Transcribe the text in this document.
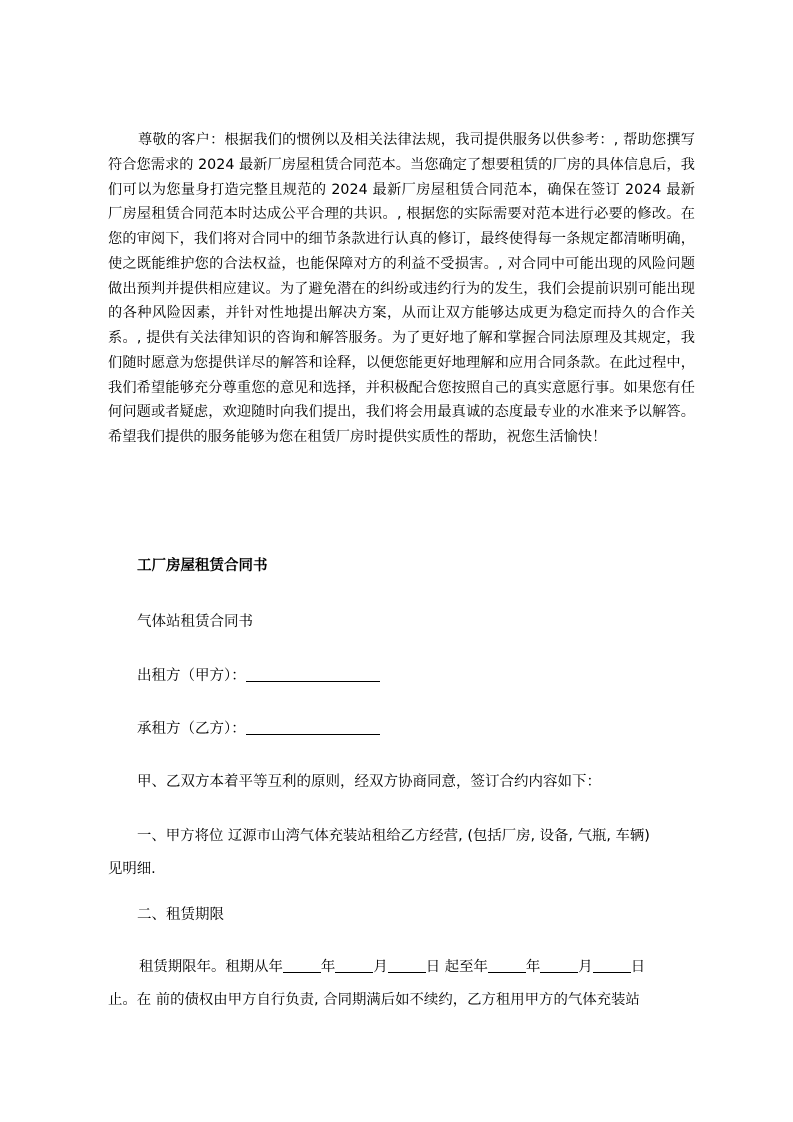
尊敬的客户：根据我们的惯例以及相关法律法规，我司提供服务以供参考：, 帮助您撰写符合您需求的 2024 最新厂房屋租赁合同范本。当您确定了想要租赁的厂房的具体信息后，我们可以为您量身打造完整且规范的 2024 最新厂房屋租赁合同范本，确保在签订 2024 最新厂房屋租赁合同范本时达成公平合理的共识。, 根据您的实际需要对范本进行必要的修改。在您的审阅下，我们将对合同中的细节条款进行认真的修订，最终使得每一条规定都清晰明确，使之既能维护您的合法权益，也能保障对方的利益不受损害。, 对合同中可能出现的风险问题做出预判并提供相应建议。为了避免潜在的纠纷或违约行为的发生，我们会提前识别可能出现的各种风险因素，并针对性地提出解决方案，从而让双方能够达成更为稳定而持久的合作关系。, 提供有关法律知识的咨询和解答服务。为了更好地了解和掌握合同法原理及其规定，我们随时愿意为您提供详尽的解答和诠释，以便您能更好地理解和应用合同条款。在此过程中，我们希望能够充分尊重您的意见和选择，并积极配合您按照自己的真实意愿行事。如果您有任何问题或者疑虑，欢迎随时向我们提出，我们将会用最真诚的态度最专业的水准来予以解答。希望我们提供的服务能够为您在租赁厂房时提供实质性的帮助，祝您生活愉快！

工厂房屋租赁合同书
气体站租赁合同书
出租方（甲方）：
承租方（乙方）：
甲、乙双方本着平等互利的原则，经双方协商同意，签订合约内容如下：
一、甲方将位 辽源市山湾气体充装站租给乙方经营, (包括厂房, 设备, 气瓶, 车辆)
见明细.
二、租赁期限
租赁期限年。租期从年	年	月	日 起至年	年	月	日
止。在 前的债权由甲方自行负责, 合同期满后如不续约，乙方租用甲方的气体充装站
